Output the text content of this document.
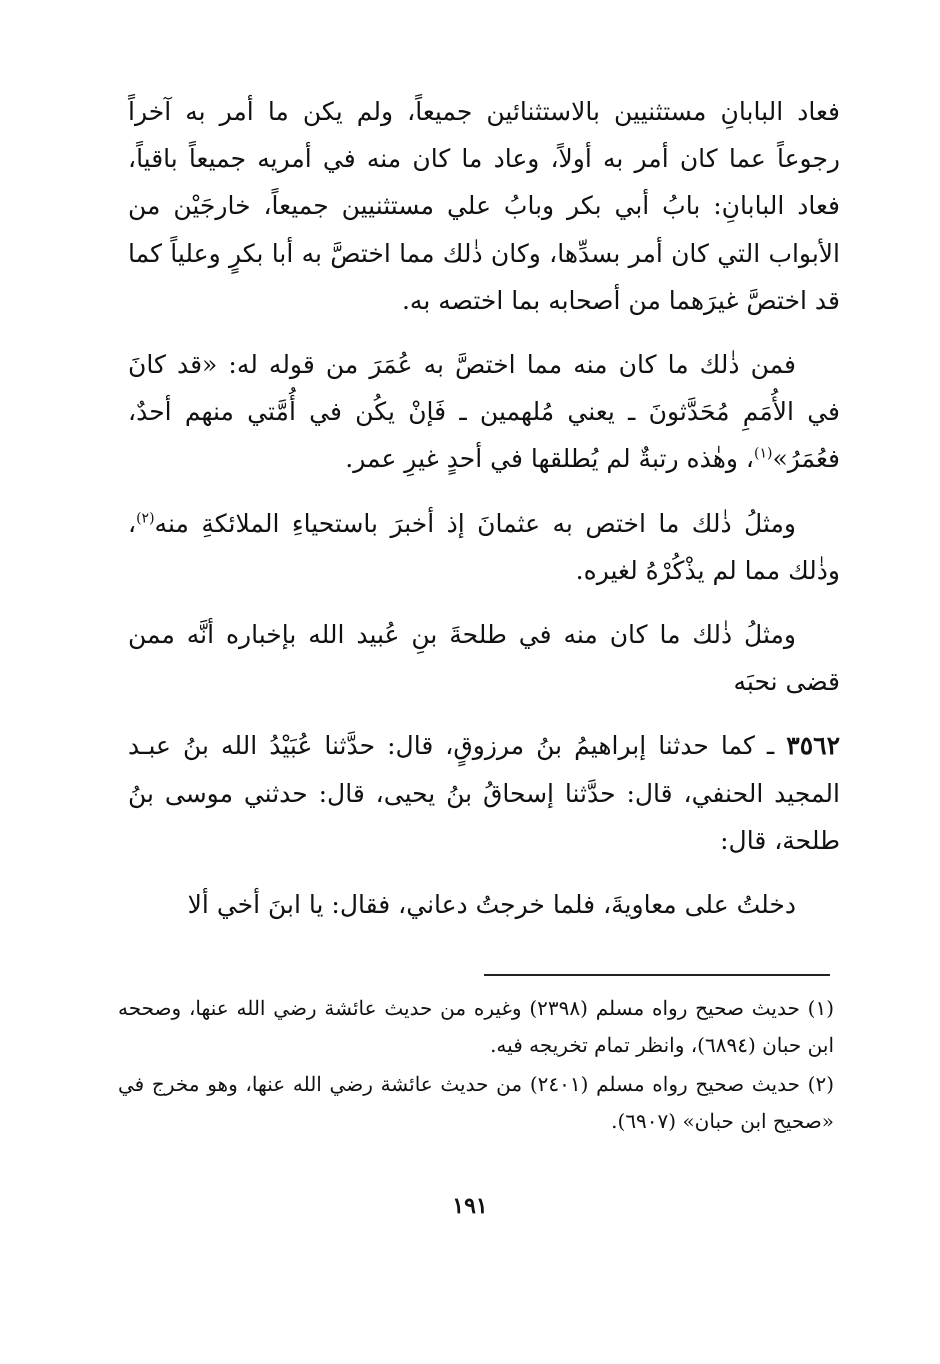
فعاد البابانِ مستثنيين بالاستثنائين جميعاً، ولم يكن ما أمر به آخراً رجوعاً عما كان أمر به أولاً، وعاد ما كان منه في أمريه جميعاً باقياً، فعاد البابانِ: بابُ أبي بكر وبابُ علي مستثنيين جميعاً، خارجَيْن من الأبواب التي كان أمر بسدِّها، وكان ذٰلك مما اختصَّ به أبا بكرٍ وعلياً كما قد اختصَّ غيرَهما من أصحابه بما اختصه به.

فمن ذٰلك ما كان منه مما اختصَّ به عُمَرَ من قوله له: «قد كانَ في الأُمَمِ مُحَدَّثونَ ـ يعني مُلهمين ـ فَإنْ يكُن في أُمَّتي منهم أحدٌ، فعُمَرُ»$^{(١)}$، وهٰذه رتبةٌ لم يُطلقها في أحدٍ غيرِ عمر.

ومثلُ ذٰلك ما اختص به عثمانَ إذ أخبرَ باستحياءِ الملائكةِ منه$^{(٢)}$، وذٰلك مما لم يذْكُرْهُ لغيره.

ومثلُ ذٰلك ما كان منه في طلحةَ بنِ عُبيد الله بإخباره أنَّه ممن قضى نحبَه

٣٥٦٢ ـ كما حدثنا إبراهيمُ بنُ مرزوقٍ، قال: حدَّثنا عُبَيْدُ الله بنُ عبـد المجيد الحنفي، قال: حدَّثنا إسحاقُ بنُ يحيى، قال: حدثني موسى بنُ طلحة، قال:

دخلتُ على معاويةَ، فلما خرجتُ دعاني، فقال: يا ابنَ أخي ألا

(١) حديث صحيح رواه مسلم (٢٣٩٨) وغيره من حديث عائشة رضي الله عنها، وصححه ابن حبان (٦٨٩٤)، وانظر تمام تخريجه فيه.

(٢) حديث صحيح رواه مسلم (٢٤٠١) من حديث عائشة رضي الله عنها، وهو مخرج في «صحيح ابن حبان» (٦٩٠٧).

١٩١
